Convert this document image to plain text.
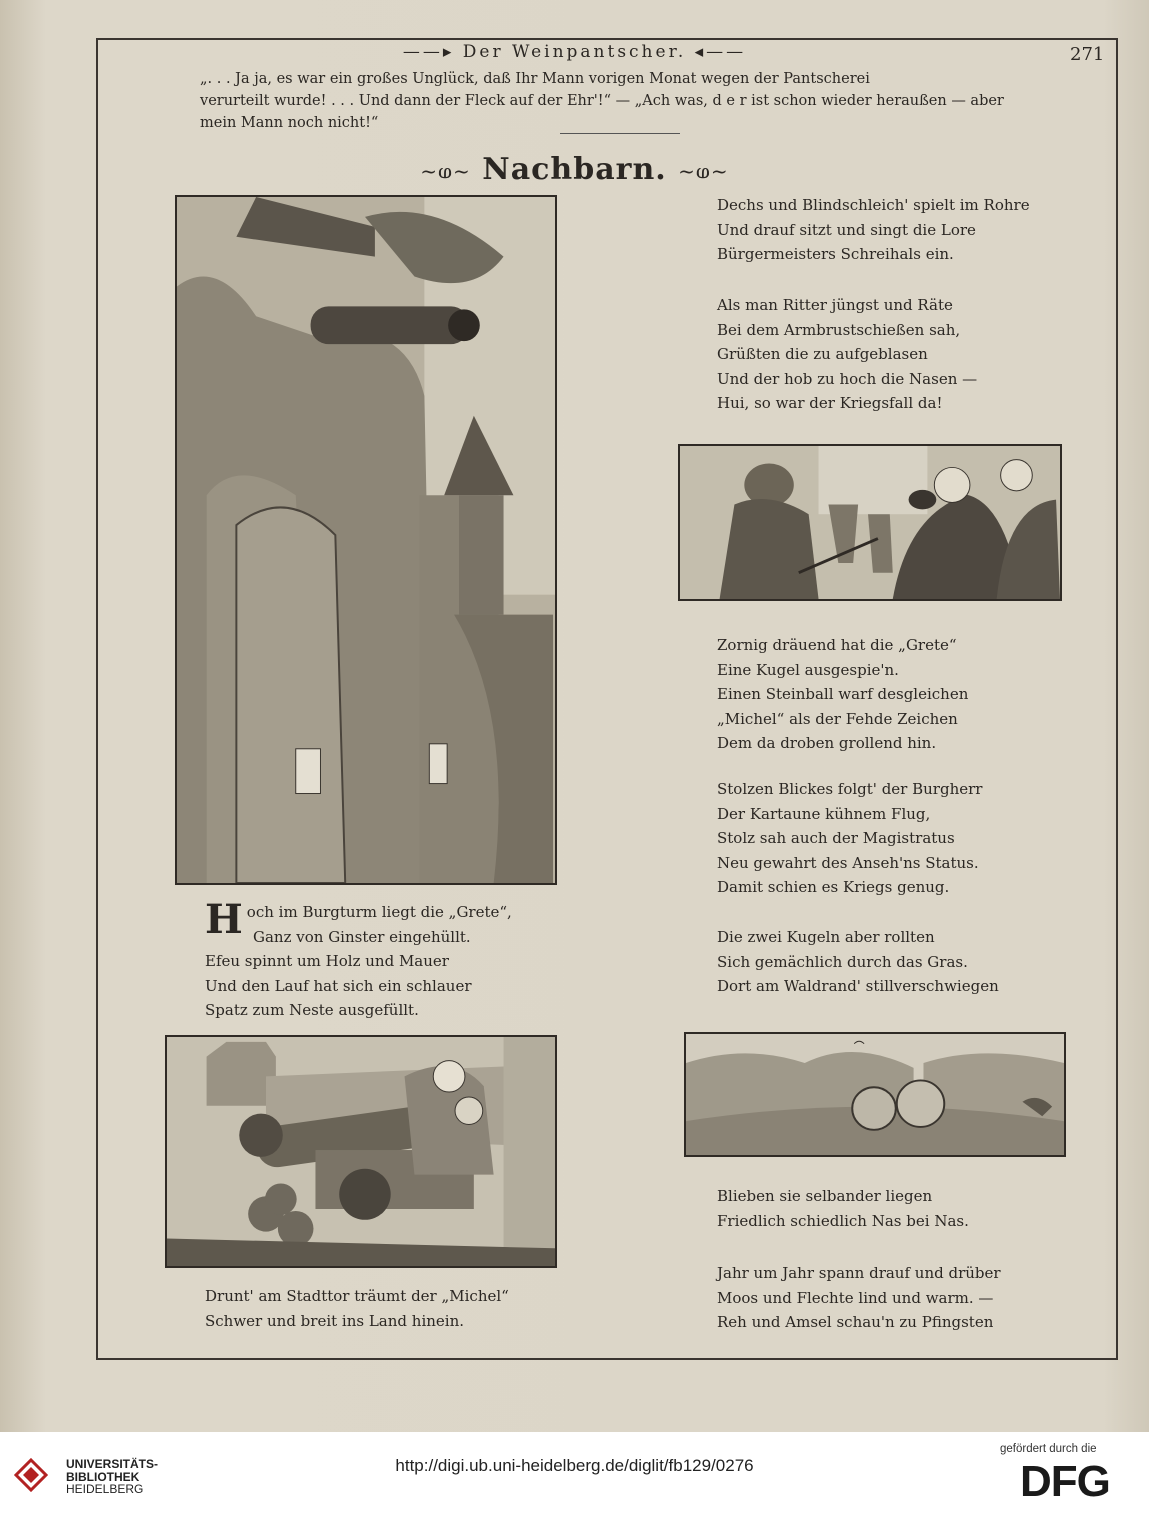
——▸ Der Weinpantscher. ◂——	271
„. . . Ja ja, es war ein großes Unglück, daß Ihr Mann vorigen Monat wegen der Pantscherei
verurteilt wurde! . . . Und dann der Fleck auf der Ehr'!“ — „Ach was, d e r ist schon wieder heraußen — aber
mein Mann noch nicht!“
~ⱷ~ Nachbarn. ~ⱷ~
Dechs und Blindschleich' spielt im Rohre
Und drauf sitzt und singt die Lore
Bürgermeisters Schreihals ein.
Als man Ritter jüngst und Räte
Bei dem Armbrustschießen sah,
Grüßten die zu aufgeblasen
Und der hob zu hoch die Nasen —
Hui, so war der Kriegsfall da!
Zornig dräuend hat die „Grete“
Eine Kugel ausgespie'n.
Einen Steinball warf desgleichen
„Michel“ als der Fehde Zeichen
Dem da droben grollend hin.
Stolzen Blickes folgt' der Burgherr
Der Kartaune kühnem Flug,
Stolz sah auch der Magistratus
Neu gewahrt des Anseh'ns Status.
Damit schien es Kriegs genug.
Die zwei Kugeln aber rollten
Sich gemächlich durch das Gras.
Dort am Waldrand' stillverschwiegen
Blieben sie selbander liegen
Friedlich schiedlich Nas bei Nas.
Jahr um Jahr spann drauf und drüber
Moos und Flechte lind und warm. —
Reh und Amsel schau'n zu Pfingsten
H och im Burgturm liegt die „Grete“,
Ganz von Ginster eingehüllt.
Efeu spinnt um Holz und Mauer
Und den Lauf hat sich ein schlauer
Spatz zum Neste ausgefüllt.
Drunt' am Stadttor träumt der „Michel“
Schwer und breit ins Land hinein.
UNIVERSITÄTS-
BIBLIOTHEK
HEIDELBERG
http://digi.ub.uni-heidelberg.de/diglit/fb129/0276
gefördert durch die
DFG
